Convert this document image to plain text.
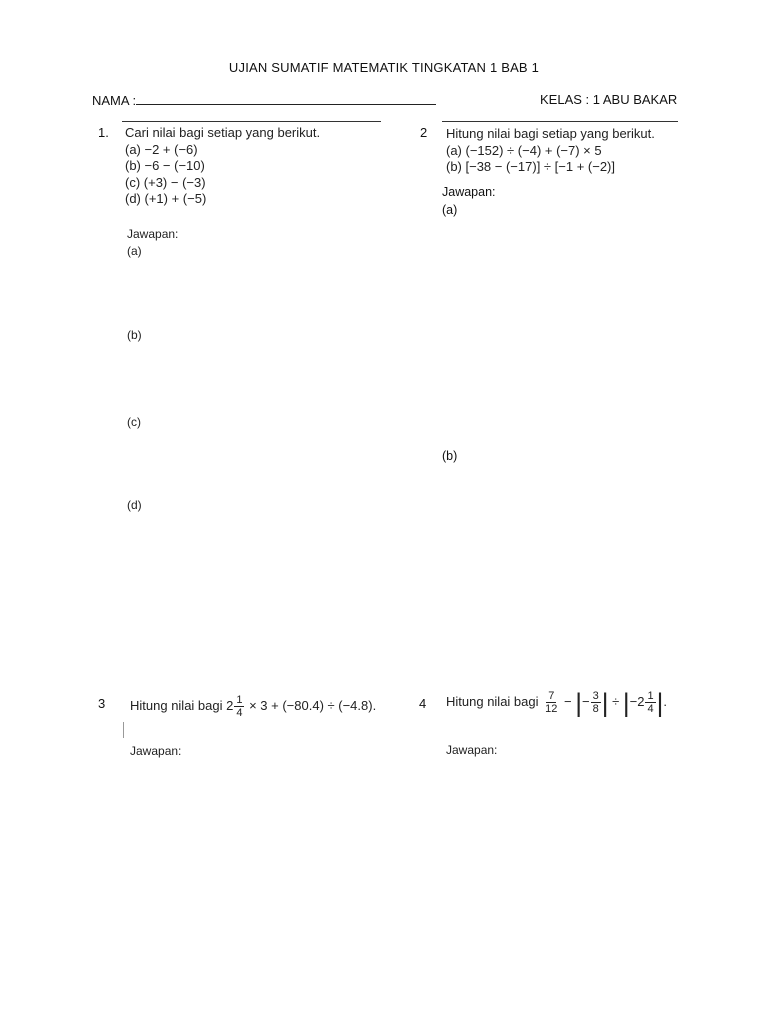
UJIAN SUMATIF MATEMATIK TINGKATAN 1 BAB 1
NAMA :	KELAS : 1 ABU BAKAR
1. Cari nilai bagi setiap yang berikut.
(a) −2 + (−6)
(b) −6 − (−10)
(c) (+3) − (−3)
(d) (+1) + (−5)
Jawapan:
(a)
(b)
(c)
(d)
2 Hitung nilai bagi setiap yang berikut.
(a) (−152) ÷ (−4) + (−7) × 5
(b) [−38 − (−17)] ÷ [−1 + (−2)]
Jawapan:
(a)
(b)
3 Hitung nilai bagi $2 \frac{1}{4} \times 3 + (-80.4) \div (-4.8)$.
Jawapan:
4 Hitung nilai bagi $\frac{7}{12}$ − |− $\frac{3}{8}$ | ÷ $|-2 \frac{1}{4}$ |.
Jawapan:
